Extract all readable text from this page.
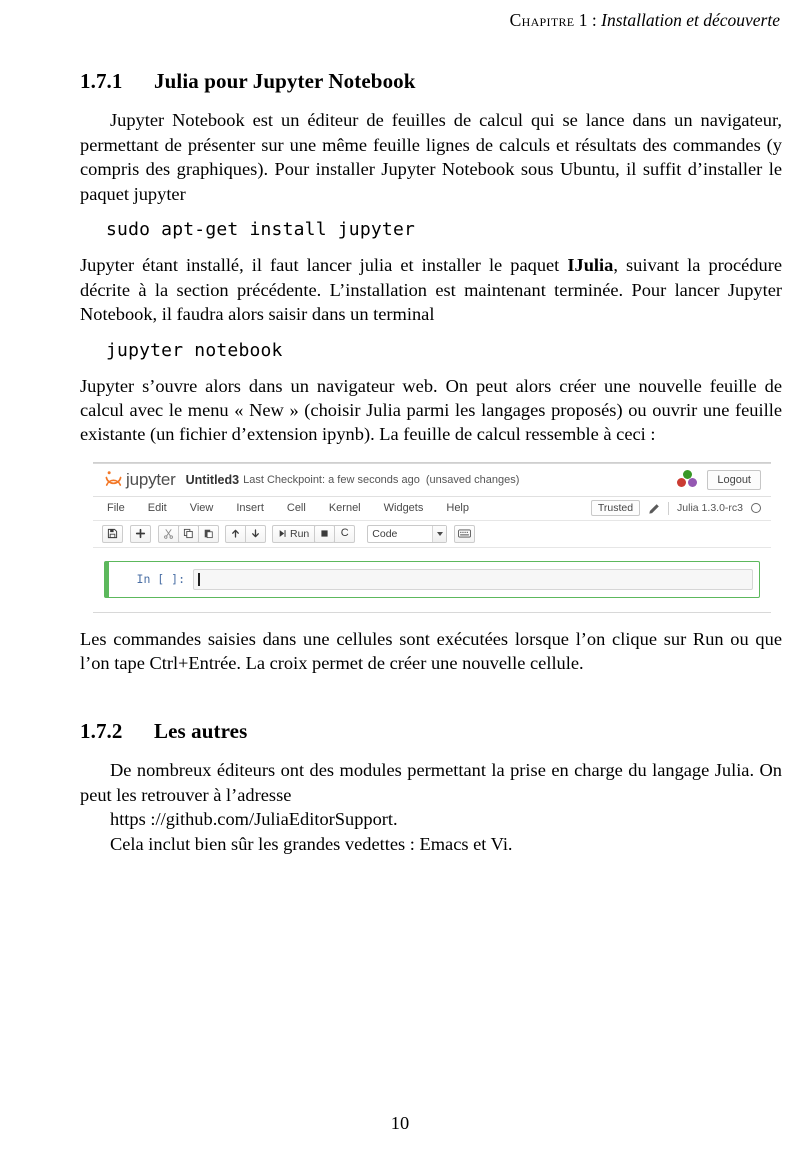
Chapitre 1 : Installation et découverte
1.7.1 Julia pour Jupyter Notebook

Jupyter Notebook est un éditeur de feuilles de calcul qui se lance dans un navigateur, permettant de présenter sur une même feuille lignes de calculs et résultats des commandes (y compris des graphiques). Pour installer Jupyter Notebook sous Ubuntu, il suffit d’installer le paquet jupyter

sudo apt-get install jupyter

Jupyter étant installé, il faut lancer julia et installer le paquet IJulia, suivant la procédure décrite à la section précédente. L’installation est maintenant terminée. Pour lancer Jupyter Notebook, il faudra alors saisir dans un terminal

jupyter notebook

Jupyter s’ouvre alors dans un navigateur web. On peut alors créer une nouvelle feuille de calcul avec le menu « New » (choisir Julia parmi les langages proposés) ou ouvrir une feuille existante (un fichier d’extension ipynb). La feuille de calcul ressemble à ceci :

jupyter Untitled3 Last Checkpoint: a few seconds ago (unsaved changes)	Logout
File Edit View Insert Cell Kernel Widgets Help	Trusted	Julia 1.3.0-rc3
Run	C Code
In [ ]:

Les commandes saisies dans une cellules sont exécutées lorsque l’on clique sur Run ou que l’on tape Ctrl+Entrée. La croix permet de créer une nouvelle cellule.

1.7.2 Les autres

De nombreux éditeurs ont des modules permettant la prise en charge du langage Julia. On peut les retrouver à l’adresse

https ://github.com/JuliaEditorSupport.

Cela inclut bien sûr les grandes vedettes : Emacs et Vi.

10
